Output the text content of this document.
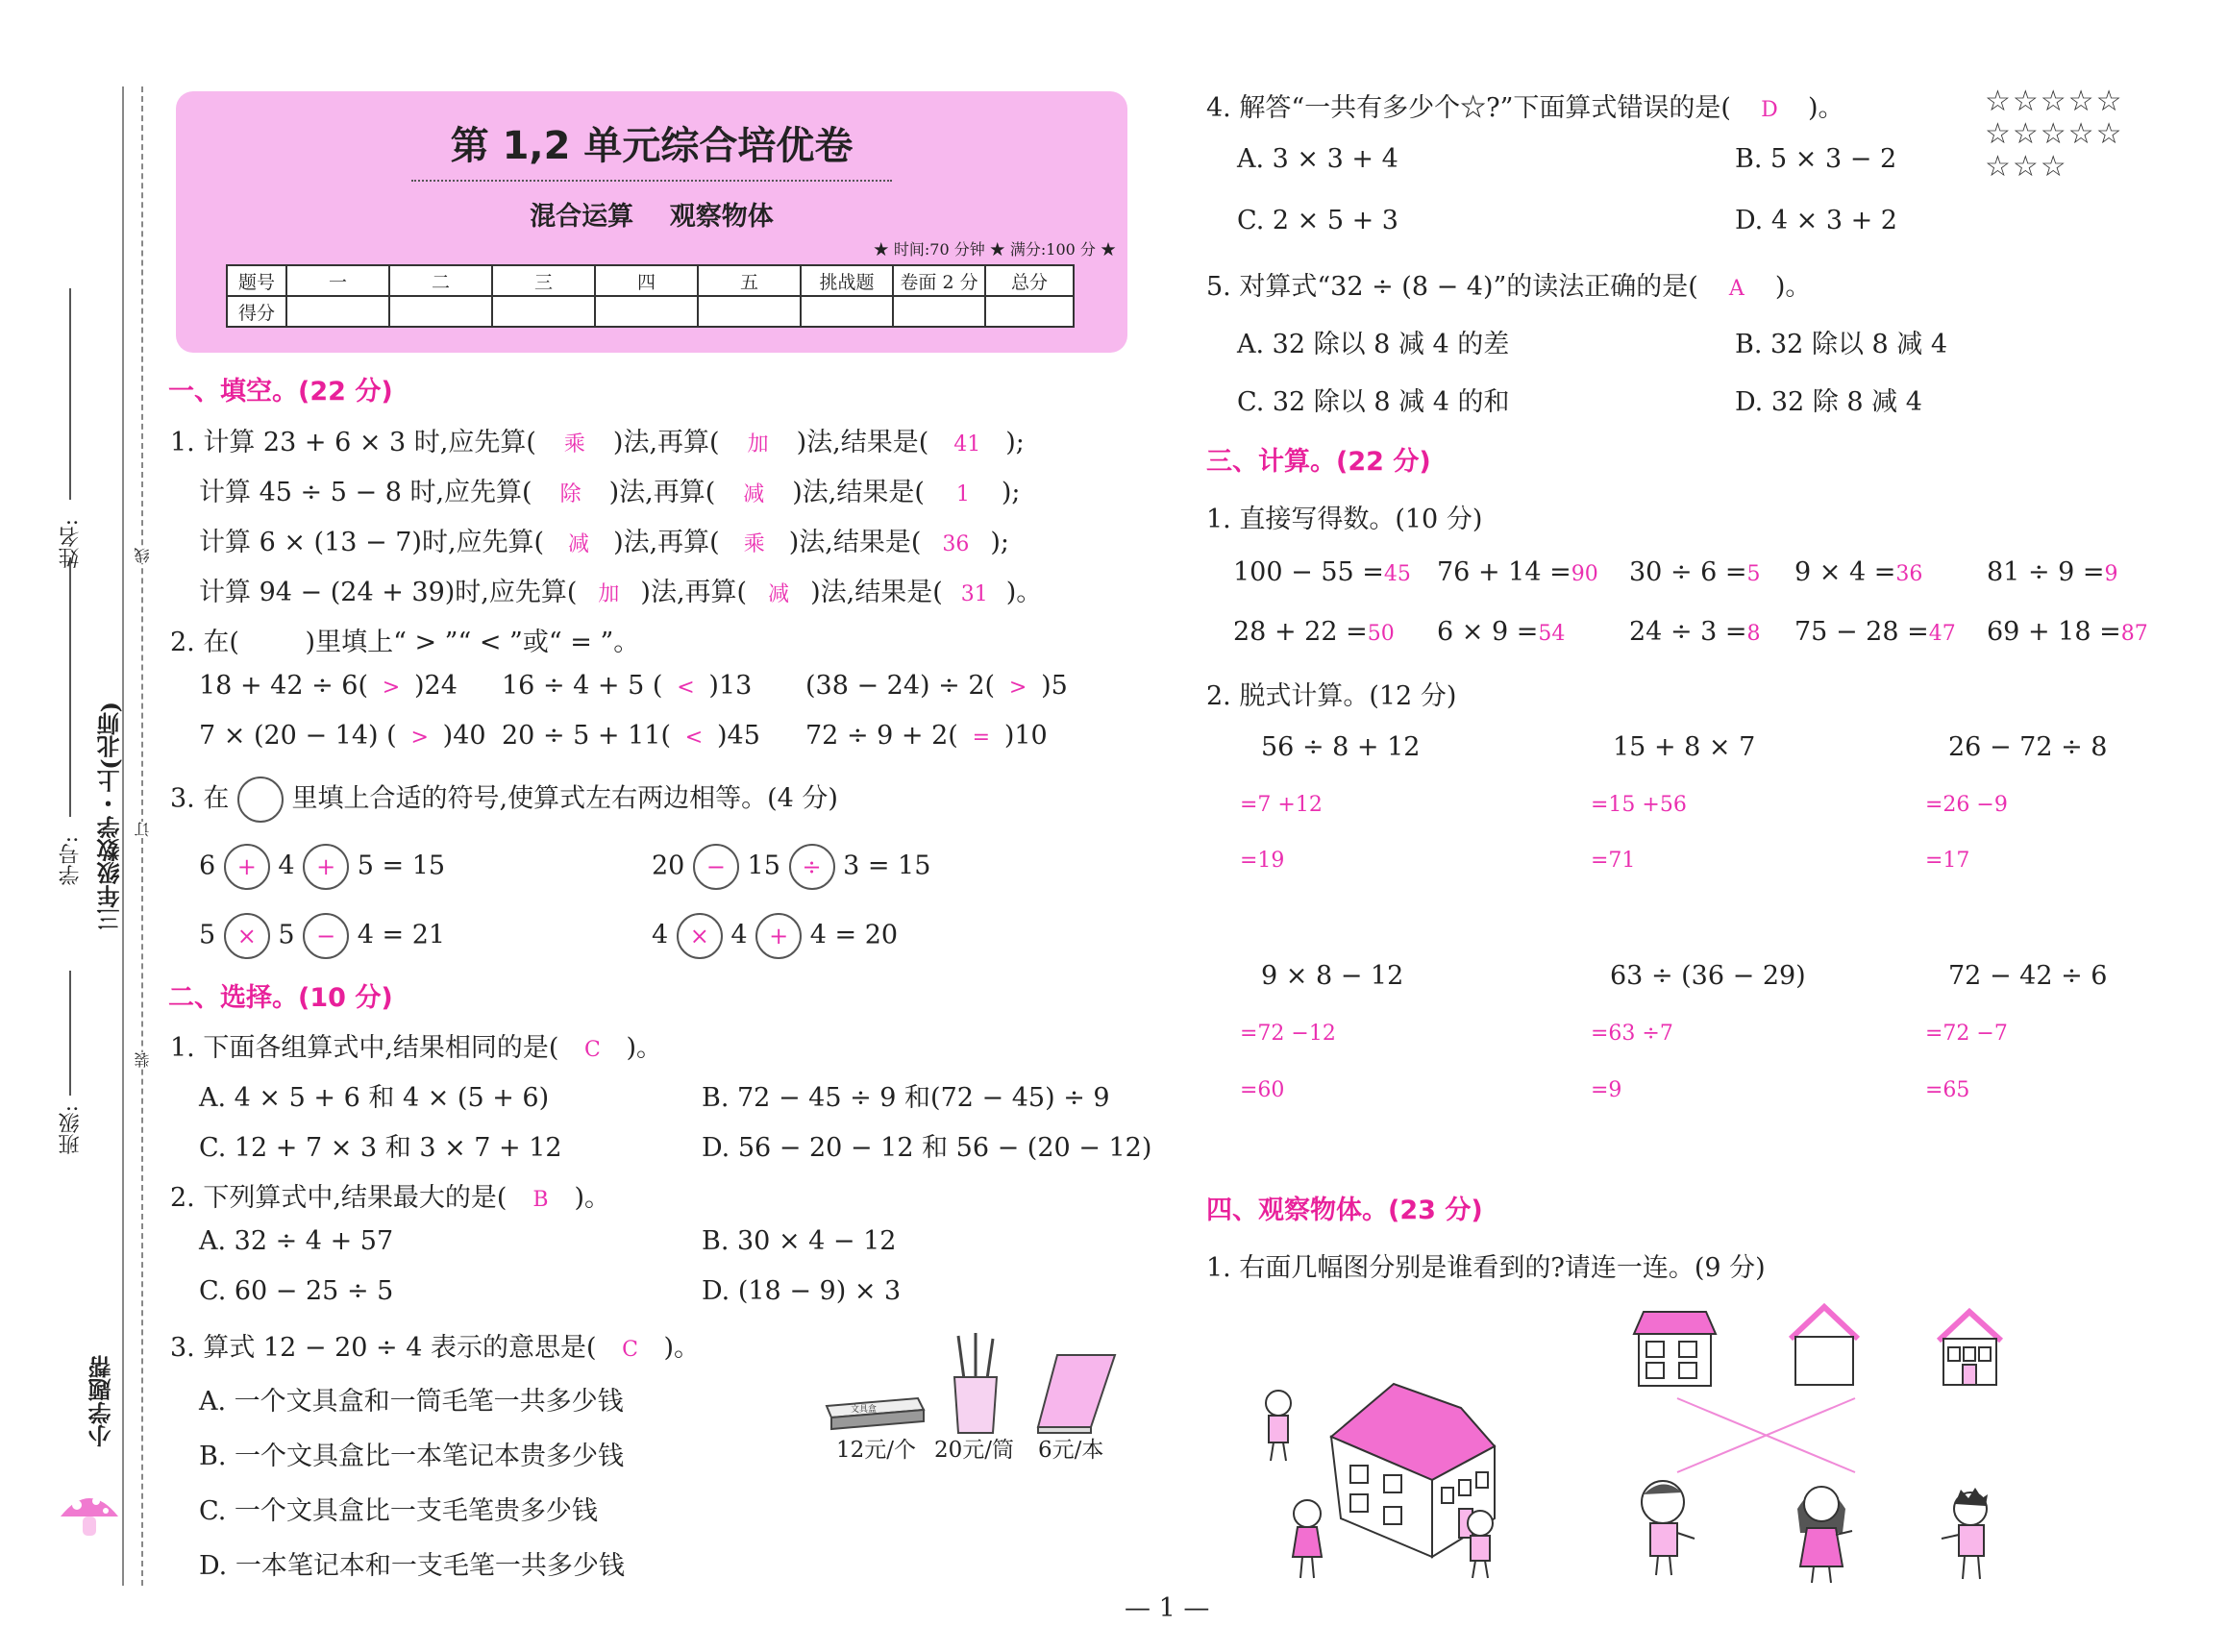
班级:
学号:
姓名:
三年级数学・上(北师)
装
订
线
小学题帮
第 1,2 单元综合培优卷
混合运算    观察物体
★ 时间:70 分钟 ★ 满分:100 分 ★
题号	一	二	三	四	五	挑战题	卷面 2 分	总分
得分								
一、填空。(22 分)
1. 计算 23 + 6 × 3 时,应先算( 乘 )法,再算( 加 )法,结果是( 41 );
计算 45 ÷ 5 − 8 时,应先算( 除 )法,再算( 减 )法,结果是( 1 );
计算 6 × (13 − 7)时,应先算( 减 )法,再算( 乘 )法,结果是( 36 );
计算 94 − (24 + 39)时,应先算( 加 )法,再算( 减 )法,结果是( 31 )。
2. 在(        )里填上“ > ”“ < ”或“ = ”。
18 + 42 ÷ 6( > )24 16 ÷ 4 + 5 ( < )13 (38 − 24) ÷ 2( > )5
7 × (20 − 14) ( > )40 20 ÷ 5 + 11( < )45 72 ÷ 9 + 2( = )10
3. 在 里填上合适的符号,使算式左右两边相等。(4 分)
6 + 4 + 5 = 15	20 − 15 ÷ 3 = 15
5 × 5 − 4 = 21	4 × 4 + 4 = 20
二、选择。(10 分)
1. 下面各组算式中,结果相同的是( C )。
A. 4 × 5 + 6 和 4 × (5 + 6)	B. 72 − 45 ÷ 9 和(72 − 45) ÷ 9
C. 12 + 7 × 3 和 3 × 7 + 12	D. 56 − 20 − 12 和 56 − (20 − 12)
2. 下列算式中,结果最大的是( B )。
A. 32 ÷ 4 + 57	B. 30 × 4 − 12
C. 60 − 25 ÷ 5	D. (18 − 9) × 3
3. 算式 12 − 20 ÷ 4 表示的意思是( C )。
A. 一个文具盒和一筒毛笔一共多少钱
B. 一个文具盒比一本笔记本贵多少钱
C. 一个文具盒比一支毛笔贵多少钱
D. 一本笔记本和一支毛笔一共多少钱
文具盒
12元/个 20元/筒 6元/本
4. 解答“一共有多少个☆?”下面算式错误的是( D )。	☆☆☆☆☆
☆☆☆☆☆
☆☆☆
A. 3 × 3 + 4	B. 5 × 3 − 2
C. 2 × 5 + 3	D. 4 × 3 + 2
5. 对算式“32 ÷ (8 − 4)”的读法正确的是( A )。
A. 32 除以 8 减 4 的差	B. 32 除以 8 减 4
C. 32 除以 8 减 4 的和	D. 32 除 8 减 4
三、计算。(22 分)
1. 直接写得数。(10 分)
100 − 55 =45 76 + 14 =90 30 ÷ 6 =5 9 × 4 =36 81 ÷ 9 =9
28 + 22 =50 6 × 9 =54 24 ÷ 3 =8 75 − 28 =47 69 + 18 =87
2. 脱式计算。(12 分)
56 ÷ 8 + 12
=7 +12
=19
15 + 8 × 7
=15 +56
=71
26 − 72 ÷ 8
=26 −9
=17
9 × 8 − 12
=72 −12
=60
63 ÷ (36 − 29)
=63 ÷7
=9
72 − 42 ÷ 6
=72 −7
=65
四、观察物体。(23 分)
1. 右面几幅图分别是谁看到的?请连一连。(9 分)
— 1 —
